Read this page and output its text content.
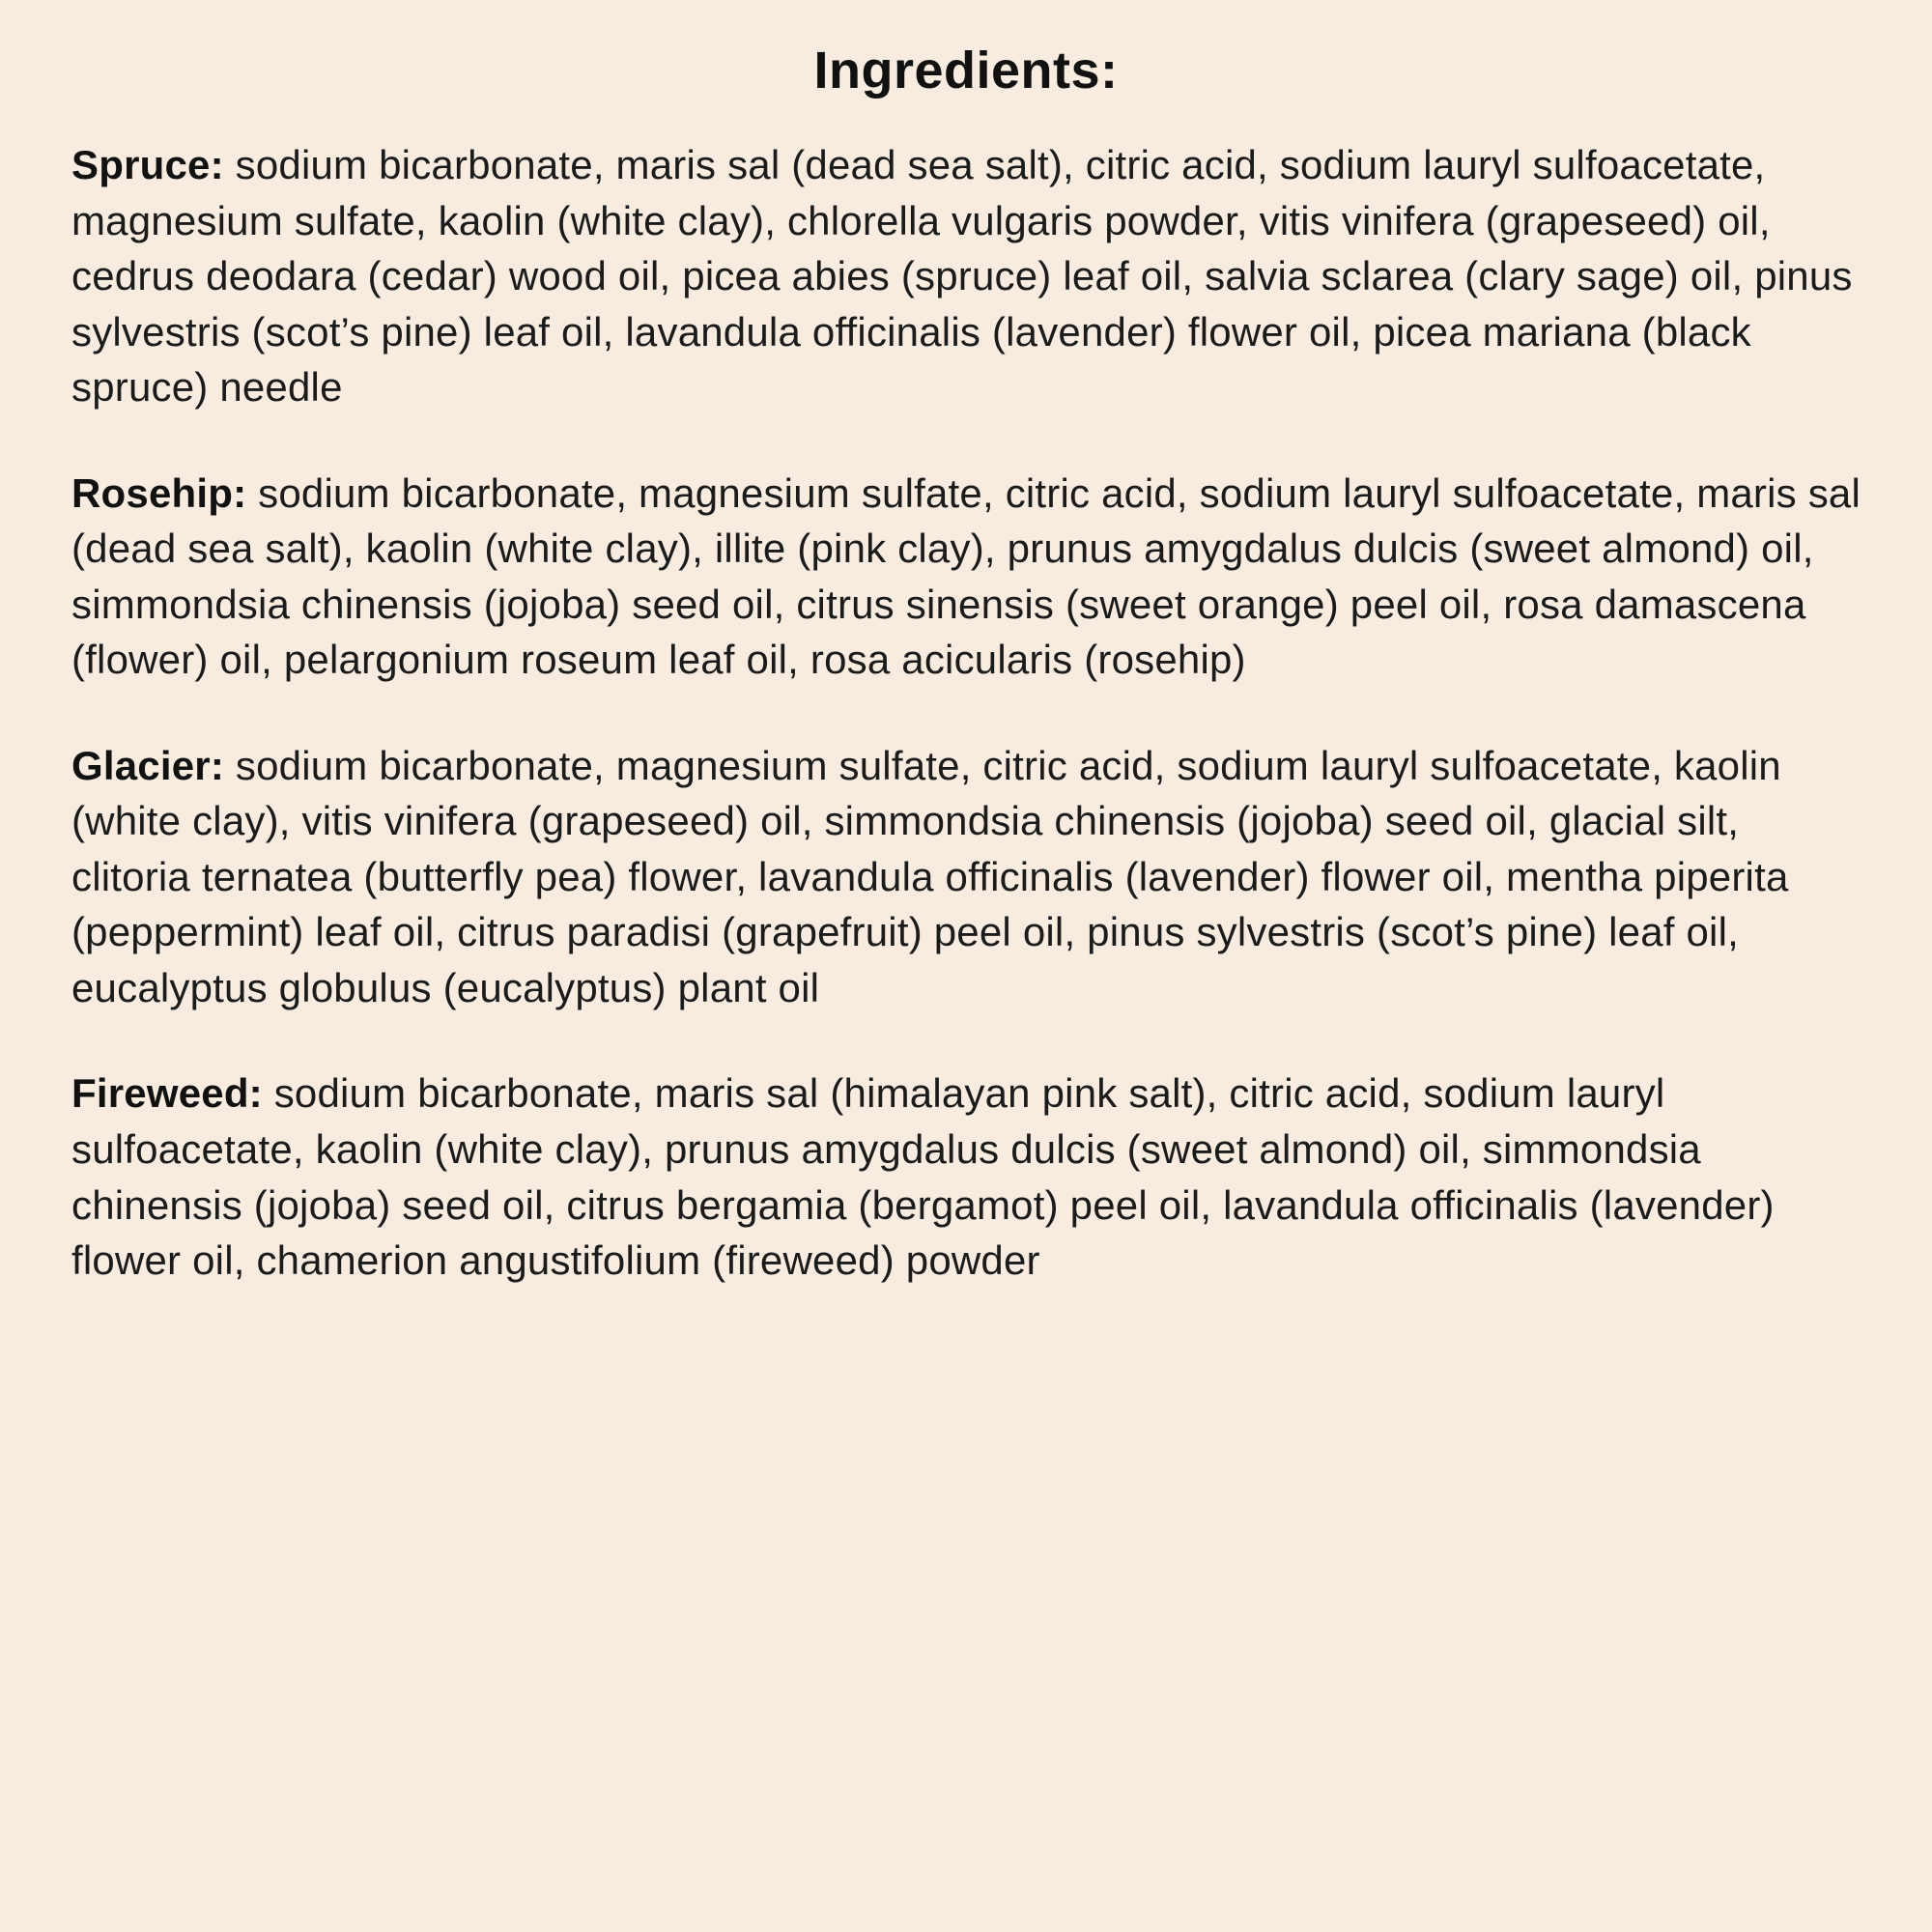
Ingredients:

Spruce: sodium bicarbonate, maris sal (dead sea salt), citric acid, sodium lauryl sulfoacetate, magnesium sulfate, kaolin (white clay), chlorella vulgaris powder, vitis vinifera (grapeseed) oil, cedrus deodara (cedar) wood oil, picea abies (spruce) leaf oil, salvia sclarea (clary sage) oil, pinus sylvestris (scot’s pine) leaf oil, lavandula officinalis (lavender) flower oil, picea mariana (black spruce) needle

Rosehip: sodium bicarbonate, magnesium sulfate, citric acid, sodium lauryl sulfoacetate, maris sal (dead sea salt), kaolin (white clay), illite (pink clay), prunus amygdalus dulcis (sweet almond) oil, simmondsia chinensis (jojoba) seed oil, citrus sinensis (sweet orange) peel oil, rosa damascena (flower) oil, pelargonium roseum leaf oil, rosa acicularis (rosehip)

Glacier: sodium bicarbonate, magnesium sulfate, citric acid, sodium lauryl sulfoacetate, kaolin (white clay), vitis vinifera (grapeseed) oil, simmondsia chinensis (jojoba) seed oil, glacial silt, clitoria ternatea (butterfly pea) flower, lavandula officinalis (lavender) flower oil, mentha piperita (peppermint) leaf oil, citrus paradisi (grapefruit) peel oil, pinus sylvestris (scot’s pine) leaf oil, eucalyptus globulus (eucalyptus) plant oil

Fireweed: sodium bicarbonate, maris sal (himalayan pink salt), citric acid, sodium lauryl sulfoacetate, kaolin (white clay), prunus amygdalus dulcis (sweet almond) oil, simmondsia chinensis (jojoba) seed oil, citrus bergamia (bergamot) peel oil, lavandula officinalis (lavender) flower oil, chamerion angustifolium (fireweed) powder
